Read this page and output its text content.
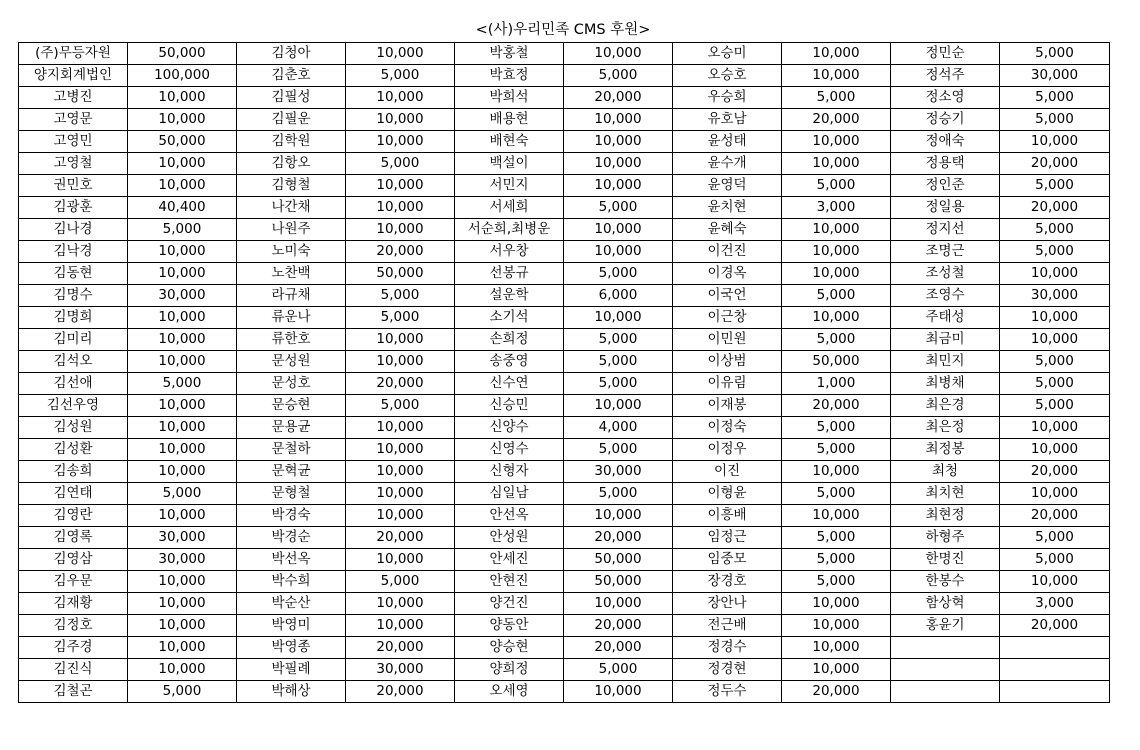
<(사)우리민족 CMS 후원>
(주)무등자원	50,000	김청아	10,000	박홍철	10,000	오승미	10,000	정민순	5,000
양지회계법인	100,000	김춘호	5,000	박효정	5,000	오승호	10,000	정석주	30,000
고병진	10,000	김필성	10,000	박희석	20,000	우승희	5,000	정소영	5,000
고영문	10,000	김필운	10,000	배용현	10,000	유호남	20,000	정승기	5,000
고영민	50,000	김학원	10,000	배현숙	10,000	윤성태	10,000	정애숙	10,000
고영철	10,000	김항오	5,000	백설이	10,000	윤수개	10,000	정용택	20,000
권민호	10,000	김형철	10,000	서민지	10,000	윤영덕	5,000	정인준	5,000
김광훈	40,400	나간채	10,000	서세희	5,000	윤치현	3,000	정일용	20,000
김나경	5,000	나원주	10,000	서순희,최병운	10,000	윤혜숙	10,000	정지선	5,000
김낙경	10,000	노미숙	20,000	서우창	10,000	이건진	10,000	조명근	5,000
김동현	10,000	노찬백	50,000	선봉규	5,000	이경옥	10,000	조성철	10,000
김명수	30,000	라규채	5,000	설운학	6,000	이국언	5,000	조영수	30,000
김명희	10,000	류운나	5,000	소기석	10,000	이근창	10,000	주태성	10,000
김미리	10,000	류한호	10,000	손희정	5,000	이민원	5,000	최금미	10,000
김석오	10,000	문성원	10,000	송중영	5,000	이상범	50,000	최민지	5,000
김선애	5,000	문성호	20,000	신수연	5,000	이유림	1,000	최병채	5,000
김선우영	10,000	문승현	5,000	신승민	10,000	이재봉	20,000	최은경	5,000
김성원	10,000	문용균	10,000	신양수	4,000	이정숙	5,000	최은정	10,000
김성환	10,000	문철하	10,000	신영수	5,000	이정우	5,000	최정봉	10,000
김송희	10,000	문혁균	10,000	신형자	30,000	이진	10,000	최청	20,000
김연태	5,000	문형철	10,000	심일남	5,000	이형윤	5,000	최치현	10,000
김영란	10,000	박경숙	10,000	안선옥	10,000	이흥배	10,000	최현정	20,000
김영록	30,000	박경순	20,000	안성원	20,000	임정근	5,000	하형주	5,000
김영삼	30,000	박선옥	10,000	안세진	50,000	임중모	5,000	한명진	5,000
김우문	10,000	박수희	5,000	안현진	50,000	장경호	5,000	한봉수	10,000
김재황	10,000	박순산	10,000	양건진	10,000	장안나	10,000	함상혁	3,000
김정호	10,000	박영미	10,000	양동안	20,000	전근배	10,000	홍윤기	20,000
김주경	10,000	박영종	20,000	양승현	20,000	정경수	10,000		
김진식	10,000	박필례	30,000	양희정	5,000	정경현	10,000		
김철곤	5,000	박해상	20,000	오세영	10,000	정두수	20,000		
